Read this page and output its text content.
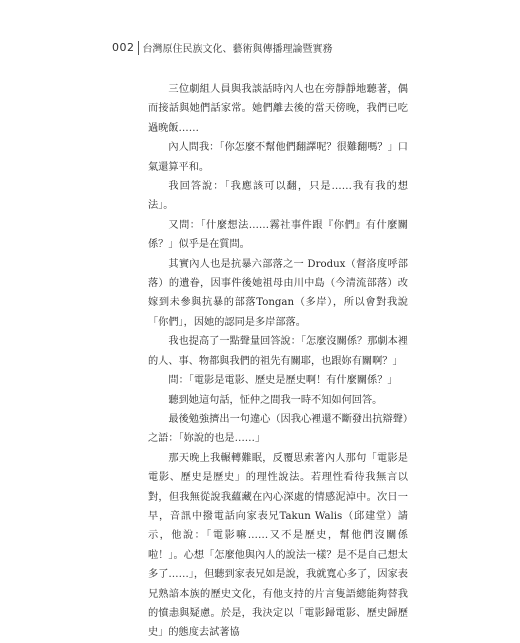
002 台灣原住民族文化、藝術與傳播理論暨實務

三位劇組人員與我談話時內人也在旁靜靜地聽著，偶而接話與她們話家常。她們離去後的當天傍晚，我們已吃過晚飯……

內人問我：「你怎麼不幫他們翻譯呢？很難翻嗎？」口氣還算平和。

我回答說：「我應該可以翻，只是……我有我的想法」。

又問：「什麼想法……霧社事件跟『你們』有什麼關係？」似乎是在質問。

其實內人也是抗暴六部落之一 Drodux（督洛度呼部落）的遺眷，因事件後她祖母由川中島（今清流部落）改嫁到未參與抗暴的部落Tongan（多岸），所以會對我說「你們」，因她的認同是多岸部落。

我也提高了一點聲量回答說：「怎麼沒關係？那劇本裡的人、事、物都與我們的祖先有關耶，也跟妳有關啊？」

問：「電影是電影、歷史是歷史啊！有什麼關係？」

聽到她這句話，怔仲之間我一時不知如何回答。

最後勉強擠出一句違心（因我心裡還不斷發出抗辯聲）之語：「妳說的也是……」

那天晚上我輾轉難眠，反覆思索著內人那句「電影是電影、歷史是歷史」的理性說法。若理性看待我無言以對，但我無從說我蘊藏在內心深處的情感泥淖中。次日一早，音訊中撥電話向家表兄Takun Walis（邱建堂）請示，他說：「電影嘛……又不是歷史，幫他們沒關係啦！」。心想「怎麼他與內人的說法一樣？是不是自己想太多了……」，但聽到家表兄如是說，我就寬心多了，因家表兄熟諳本族的歷史文化，有他支持的片言隻語總能夠替我的憤恚與疑慮。於是，我決定以「電影歸電影、歷史歸歷史」的態度去試著協
